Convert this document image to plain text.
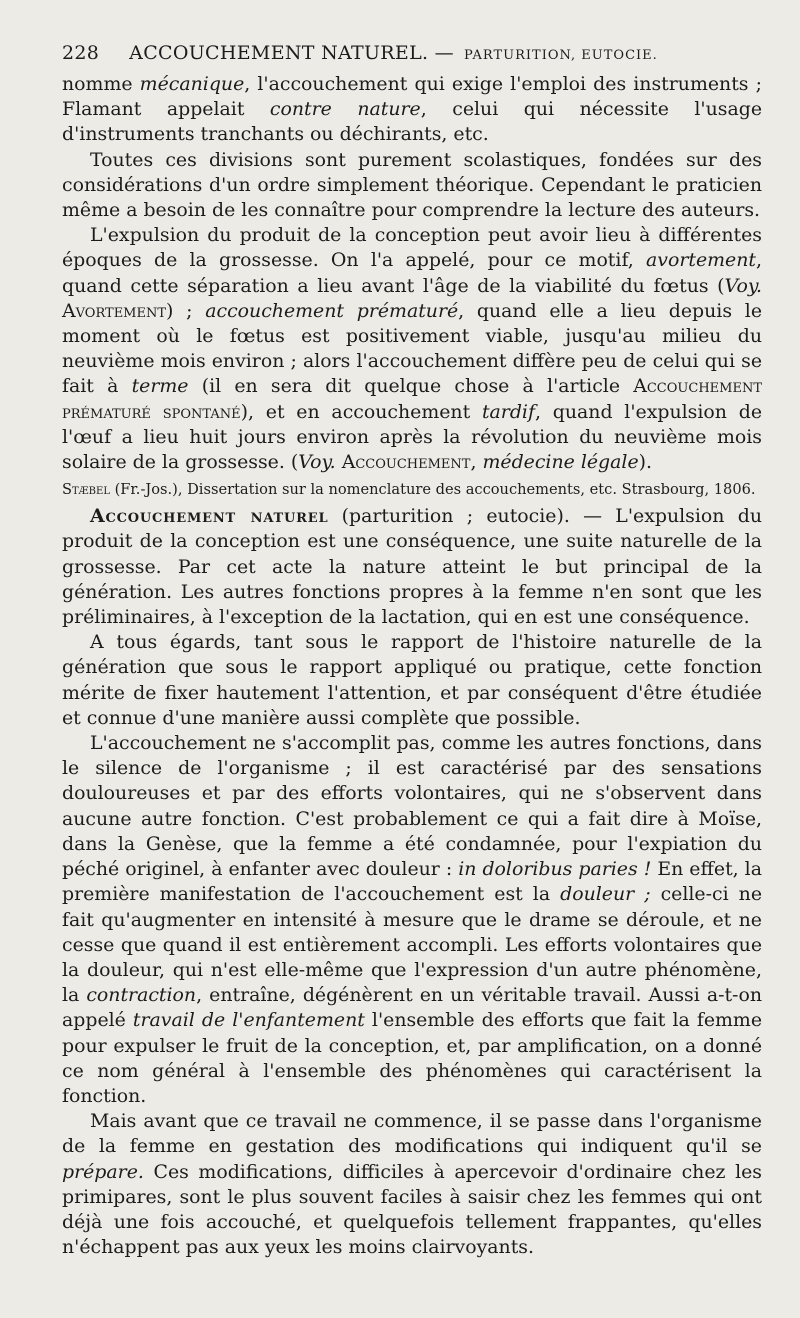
228 ACCOUCHEMENT NATUREL. — PARTURITION, EUTOCIE.

nomme mécanique, l'accouchement qui exige l'emploi des instruments ; Flamant appelait contre nature, celui qui nécessite l'usage d'instruments tranchants ou déchirants, etc.

Toutes ces divisions sont purement scolastiques, fondées sur des considérations d'un ordre simplement théorique. Cependant le praticien même a besoin de les connaître pour comprendre la lecture des auteurs.

L'expulsion du produit de la conception peut avoir lieu à différentes époques de la grossesse. On l'a appelé, pour ce motif, avortement, quand cette séparation a lieu avant l'âge de la viabilité du fœtus (Voy. Avortement) ; accouchement prématuré, quand elle a lieu depuis le moment où le fœtus est positivement viable, jusqu'au milieu du neuvième mois environ ; alors l'accouchement diffère peu de celui qui se fait à terme (il en sera dit quelque chose à l'article Accouchement prématuré spontané), et en accouchement tardif, quand l'expulsion de l'œuf a lieu huit jours environ après la révolution du neuvième mois solaire de la grossesse. (Voy. Accouchement, médecine légale).

Stæbel (Fr.-Jos.), Dissertation sur la nomenclature des accouchements, etc. Strasbourg, 1806.

Accouchement naturel (parturition ; eutocie). — L'expulsion du produit de la conception est une conséquence, une suite naturelle de la grossesse. Par cet acte la nature atteint le but principal de la génération. Les autres fonctions propres à la femme n'en sont que les préliminaires, à l'exception de la lactation, qui en est une conséquence.

A tous égards, tant sous le rapport de l'histoire naturelle de la génération que sous le rapport appliqué ou pratique, cette fonction mérite de fixer hautement l'attention, et par conséquent d'être étudiée et connue d'une manière aussi complète que possible.

L'accouchement ne s'accomplit pas, comme les autres fonctions, dans le silence de l'organisme ; il est caractérisé par des sensations douloureuses et par des efforts volontaires, qui ne s'observent dans aucune autre fonction. C'est probablement ce qui a fait dire à Moïse, dans la Genèse, que la femme a été condamnée, pour l'expiation du péché originel, à enfanter avec douleur : in doloribus paries ! En effet, la première manifestation de l'accouchement est la douleur ; celle-ci ne fait qu'augmenter en intensité à mesure que le drame se déroule, et ne cesse que quand il est entièrement accompli. Les efforts volontaires que la douleur, qui n'est elle-même que l'expression d'un autre phénomène, la contraction, entraîne, dégénèrent en un véritable travail. Aussi a-t-on appelé travail de l'enfantement l'ensemble des efforts que fait la femme pour expulser le fruit de la conception, et, par amplification, on a donné ce nom général à l'ensemble des phénomènes qui caractérisent la fonction.

Mais avant que ce travail ne commence, il se passe dans l'organisme de la femme en gestation des modifications qui indiquent qu'il se prépare. Ces modifications, difficiles à apercevoir d'ordinaire chez les primipares, sont le plus souvent faciles à saisir chez les femmes qui ont déjà une fois accouché, et quelquefois tellement frappantes, qu'elles n'échappent pas aux yeux les moins clairvoyants.
